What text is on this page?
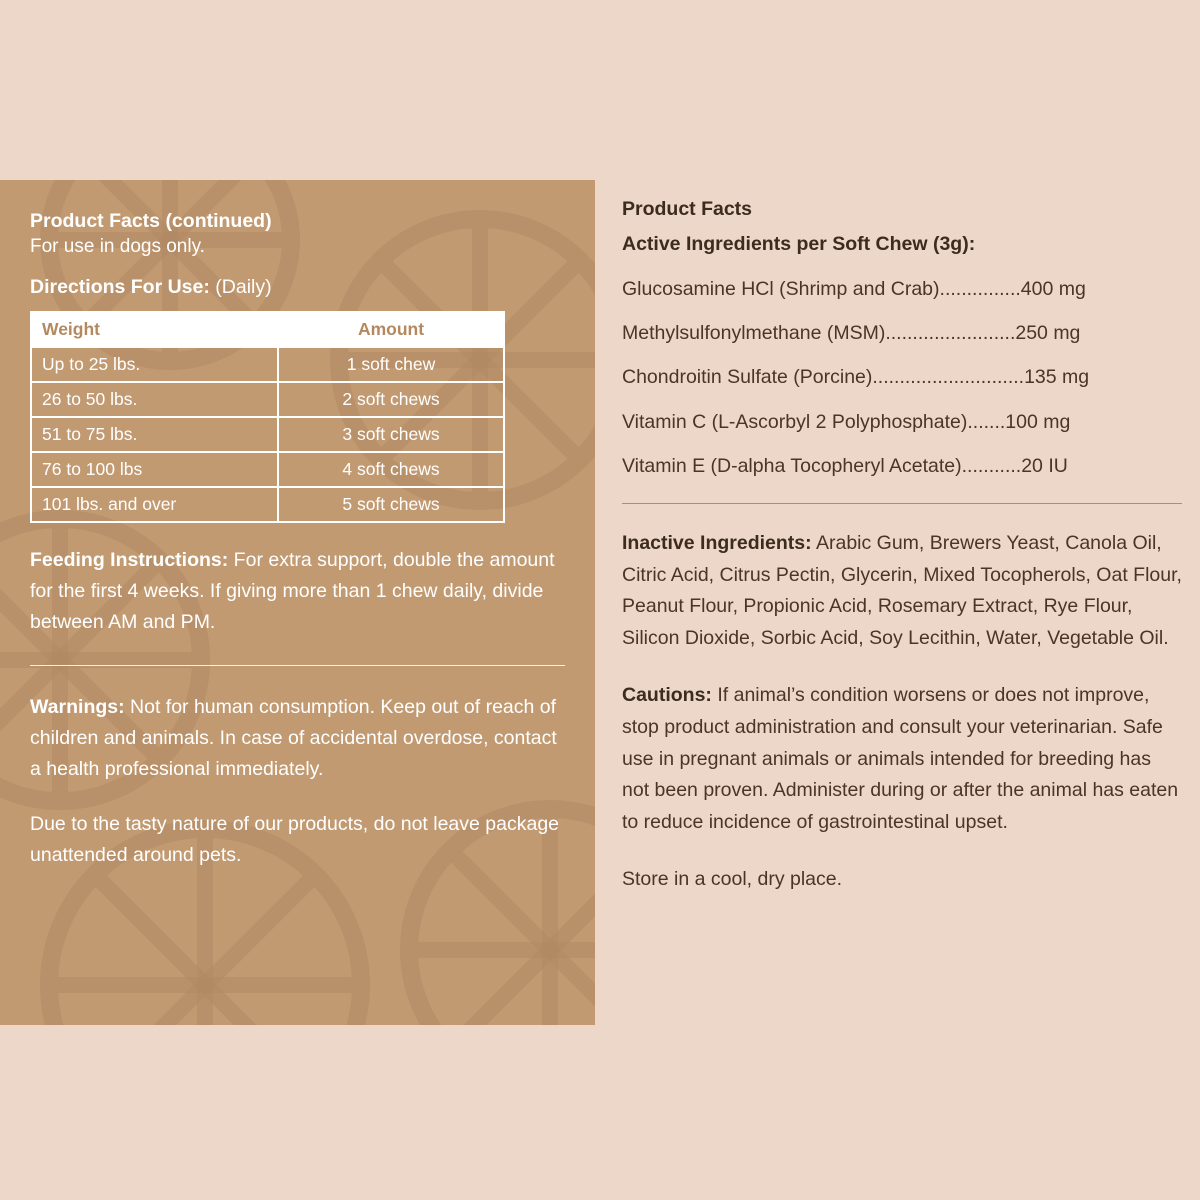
Product Facts (continued)
For use in dogs only.
Directions For Use: (Daily)
Weight	Amount
Up to 25 lbs.	1 soft chew
26 to 50 lbs.	2 soft chews
51 to 75 lbs.	3 soft chews
76 to 100 lbs	4 soft chews
101 lbs. and over	5 soft chews

Feeding Instructions: For extra support, double the amount for the first 4 weeks. If giving more than 1 chew daily, divide between AM and PM.

Warnings: Not for human consumption. Keep out of reach of children and animals. In case of accidental overdose, contact a health professional immediately.

Due to the tasty nature of our products, do not leave package unattended around pets.

Product Facts
Active Ingredients per Soft Chew (3g):
Glucosamine HCl (Shrimp and Crab)...............400 mg
Methylsulfonylmethane (MSM)........................250 mg
Chondroitin Sulfate (Porcine)............................135 mg
Vitamin C (L-Ascorbyl 2 Polyphosphate).......100 mg
Vitamin E (D-alpha Tocopheryl Acetate)...........20 IU

Inactive Ingredients: Arabic Gum, Brewers Yeast, Canola Oil, Citric Acid, Citrus Pectin, Glycerin, Mixed Tocopherols, Oat Flour, Peanut Flour, Propionic Acid, Rosemary Extract, Rye Flour, Silicon Dioxide, Sorbic Acid, Soy Lecithin, Water, Vegetable Oil.

Cautions: If animal’s condition worsens or does not improve, stop product administration and consult your veterinarian. Safe use in pregnant animals or animals intended for breeding has not been proven. Administer during or after the animal has eaten to reduce incidence of gastrointestinal upset.

Store in a cool, dry place.
